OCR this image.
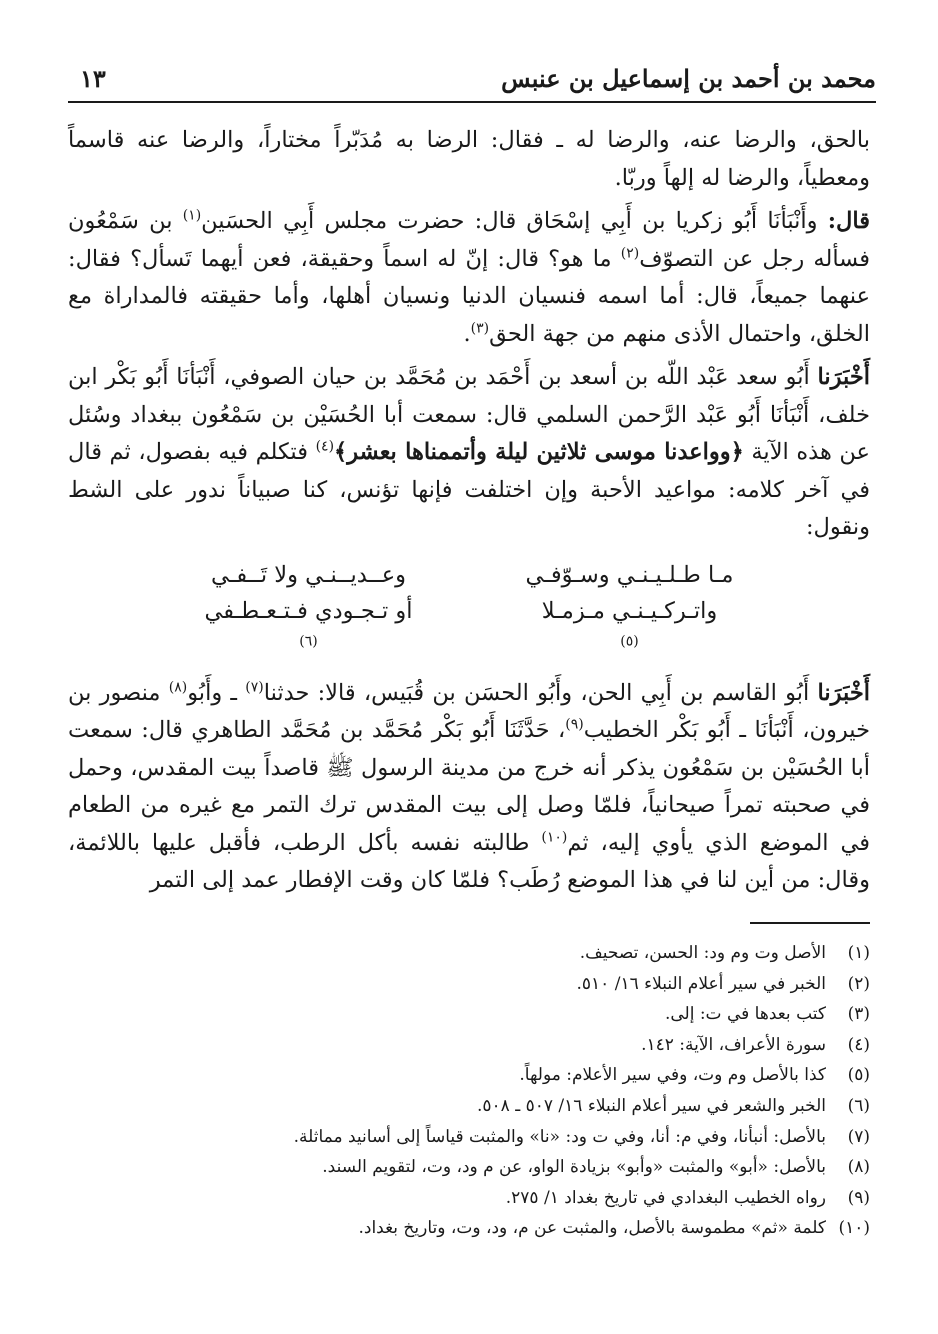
محمد بن أحمد بن إسماعيل بن عنبس
١٣

بالحق، والرضا عنه، والرضا له ـ فقال: الرضا به مُدَبّراً مختاراً، والرضا عنه قاسماً ومعطياً، والرضا له إلهاً وربّا.

قال: وأَنْبَأنَا أَبُو زكريا بن أَبِي إسْحَاق قال: حضرت مجلس أَبِي الحسَين$^{(١)}$ بن سَمْعُون فسأله رجل عن التصوّف$^{(٢)}$ ما هو؟ قال: إنّ له اسماً وحقيقة، فعن أيهما تَسأل؟ فقال: عنهما جميعاً، قال: أما اسمه فنسيان الدنيا ونسيان أهلها، وأما حقيقته فالمداراة مع الخلق، واحتمال الأذى منهم من جهة الحق$^{(٣)}$.

أَخْبَرَنا أَبُو سعد عَبْد اللّه بن أسعد بن أَحْمَد بن مُحَمَّد بن حيان الصوفي، أَنْبَأنَا أَبُو بَكْر ابن خلف، أَنْبَأنَا أَبُو عَبْد الرَّحمن السلمي قال: سمعت أبا الحُسَيْن بن سَمْعُون ببغداد وسُئل عن هذه الآية ﴿وواعدنا موسى ثلاثين ليلة وأتممناها بعشر﴾$^{(٤)}$ فتكلم فيه بفصول، ثم قال في آخر كلامه: مواعيد الأحبة وإن اختلفت فإنها تؤنس، كنا صبياناً ندور على الشط ونقول:

مـا طـلـيـنـي وسـوّفـي
وعــديــنـي ولا تَــفـي
واتـركـيـنـي مـزمـلا
$^{(٥)}$
أو تـجـودي فـتـعـطـفي
$^{(٦)}$

أَخْبَرَنا أَبُو القاسم بن أَبِي الحن، وأَبُو الحسَن بن قُبَيس، قالا: حدثنا$^{(٧)}$ ـ وأَبُو$^{(٨)}$ منصور بن خيرون، أَنْبَأنَا ـ أَبُو بَكْر الخطيب$^{(٩)}$، حَدَّثَنَا أَبُو بَكْر مُحَمَّد بن مُحَمَّد الطاهري قال: سمعت أبا الحُسَيْن بن سَمْعُون يذكر أنه خرج من مدينة الرسول ﷺ قاصداً بيت المقدس، وحمل في صحبته تمراً صيحانياً، فلمّا وصل إلى بيت المقدس ترك التمر مع غيره من الطعام في الموضع الذي يأوي إليه، ثم$^{(١٠)}$ طالبته نفسه بأكل الرطب، فأقبل عليها باللائمة، وقال: من أين لنا في هذا الموضع رُطَب؟ فلمّا كان وقت الإفطار عمد إلى التمر

(١)
الأصل وت وم ود: الحسن، تصحيف.
(٢)
الخبر في سير أعلام النبلاء ١٦/ ٥١٠.
(٣)
كتب بعدها في ت: إلى.
(٤)
سورة الأعراف، الآية: ١٤٢.
(٥)
كذا بالأصل وم وت، وفي سير الأعلام: مولهاً.
(٦)
الخبر والشعر في سير أعلام النبلاء ١٦/ ٥٠٧ ـ ٥٠٨.
(٧)
بالأصل: أنبأنا، وفي م: أنا، وفي ت ود: «نا» والمثبت قياساً إلى أسانيد مماثلة.
(٨)
بالأصل: «أبو» والمثبت «وأبو» بزيادة الواو، عن م ود، وت، لتقويم السند.
(٩)
رواه الخطيب البغدادي في تاريخ بغداد ١/ ٢٧٥.
(١٠)
كلمة «ثم» مطموسة بالأصل، والمثبت عن م، ود، وت، وتاريخ بغداد.
